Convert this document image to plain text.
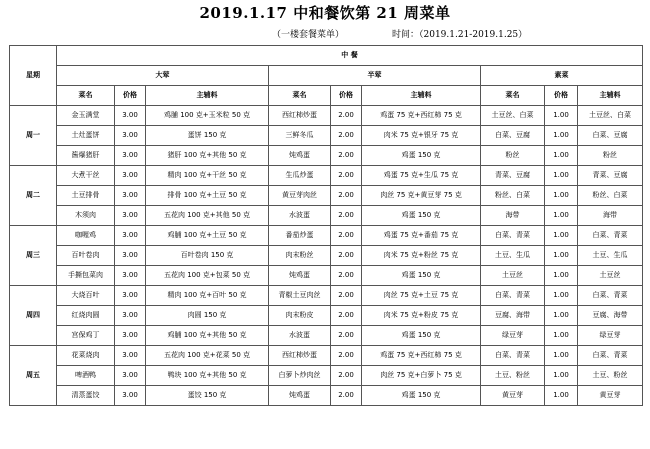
2019.1.17 中和餐饮第 21 周菜单
（一楼套餐菜单）	时间：（2019.1.21-2019.1.25）
星期	中 餐								
	大荤			半荤			素菜		
	菜名	价格	主辅料	菜名	价格	主辅料	菜名	价格	主辅料
周一	金玉满堂	3.00	鸡脯 100 克+玉米粒 50 克	西红柿炒蛋	2.00	鸡蛋 75 克+西红柿 75 克	土豆丝、白菜	1.00	土豆丝、白菜
	土灶蛋饼	3.00	蛋饼 150 克	三鲜冬瓜	2.00	肉米 75 克+银牙 75 克	白菜、豆腐	1.00	白菜、豆腐
	酱爆猪肝	3.00	猪肝 100 克+其他 50 克	炖鸡蛋	2.00	鸡蛋 150 克	粉丝	1.00	粉丝
周二	大煮干丝	3.00	精肉 100 克+干丝 50 克	生瓜炒蛋	2.00	鸡蛋 75 克+生瓜 75 克	青菜、豆腐	1.00	青菜、豆腐
	土豆排骨	3.00	排骨 100 克+土豆 50 克	黄豆芽肉丝	2.00	肉丝 75 克+黄豆芽 75 克	粉丝、白菜	1.00	粉丝、白菜
	木须肉	3.00	五花肉 100 克+其他 50 克	水波蛋	2.00	鸡蛋 150 克	海带	1.00	海带
周三	咖喱鸡	3.00	鸡脯 100 克+土豆 50 克	番茄炒蛋	2.00	鸡蛋 75 克+番茄 75 克	白菜、青菜	1.00	白菜、青菜
	百叶卷肉	3.00	百叶卷肉 150 克	肉末粉丝	2.00	肉米 75 克+粉丝 75 克	土豆、生瓜	1.00	土豆、生瓜
	手撕包菜肉	3.00	五花肉 100 克+包菜 50 克	炖鸡蛋	2.00	鸡蛋 150 克	土豆丝	1.00	土豆丝
周四	大烧百叶	3.00	精肉 100 克+百叶 50 克	青椒土豆肉丝	2.00	肉丝 75 克+土豆 75 克	白菜、青菜	1.00	白菜、青菜
	红烧肉圆	3.00	肉圆 150 克	肉末粉皮	2.00	肉米 75 克+粉皮 75 克	豆腐、海带	1.00	豆腐、海带
	宫保鸡丁	3.00	鸡脯 100 克+其他 50 克	水波蛋	2.00	鸡蛋 150 克	绿豆芽	1.00	绿豆芽
周五	花菜烧肉	3.00	五花肉 100 克+花菜 50 克	西红柿炒蛋	2.00	鸡蛋 75 克+西红柿 75 克	白菜、青菜	1.00	白菜、青菜
	啤酒鸭	3.00	鸭块 100 克+其他 50 克	白萝卜炒肉丝	2.00	肉丝 75 克+白萝卜 75 克	土豆、粉丝	1.00	土豆、粉丝
	清蒸蛋饺	3.00	蛋饺 150 克	炖鸡蛋	2.00	鸡蛋 150 克	黄豆芽	1.00	黄豆芽
